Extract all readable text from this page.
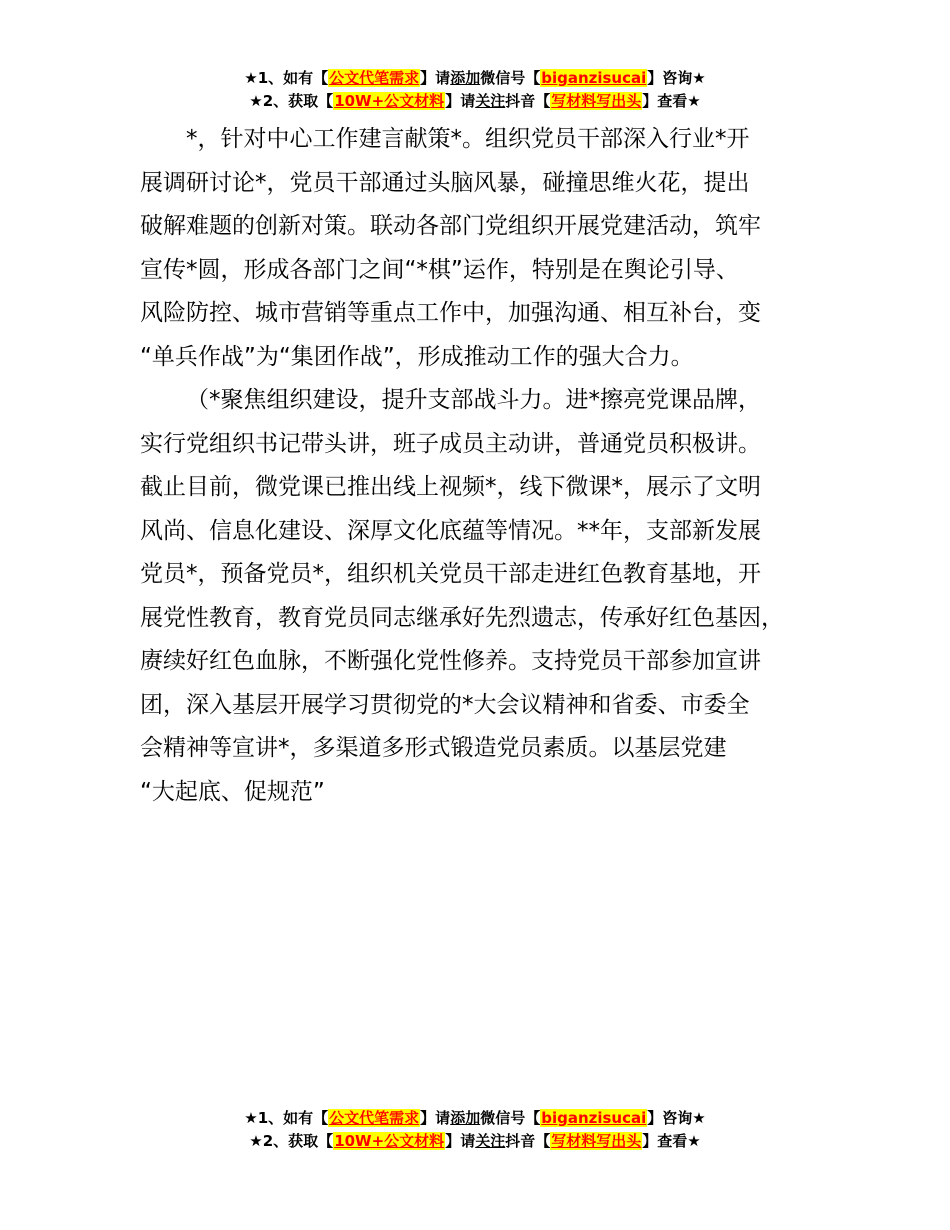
★1、如有【公文代笔需求】请添加微信号【biganzisucai】咨询★
★2、获取【10W+公文材料】请关注抖音【写材料写出头】查看★

*，针对中心工作建言献策*。组织党员干部深入行业*开
展调研讨论*，党员干部通过头脑风暴，碰撞思维火花，提出
破解难题的创新对策。联动各部门党组织开展党建活动，筑牢
宣传*圆，形成各部门之间“*棋”运作，特别是在舆论引导、
风险防控、城市营销等重点工作中，加强沟通、相互补台，变
“单兵作战”为“集团作战”，形成推动工作的强大合力。

（*聚焦组织建设，提升支部战斗力。进*擦亮党课品牌，
实行党组织书记带头讲，班子成员主动讲，普通党员积极讲。
截止目前，微党课已推出线上视频*，线下微课*，展示了文明
风尚、信息化建设、深厚文化底蕴等情况。**年，支部新发展
党员*，预备党员*，组织机关党员干部走进红色教育基地，开
展党性教育，教育党员同志继承好先烈遗志，传承好红色基因，
赓续好红色血脉，不断强化党性修养。支持党员干部参加宣讲
团，深入基层开展学习贯彻党的*大会议精神和省委、市委全
会精神等宣讲*，多渠道多形式锻造党员素质。以基层党建
“大起底、促规范”

★1、如有【公文代笔需求】请添加微信号【biganzisucai】咨询★
★2、获取【10W+公文材料】请关注抖音【写材料写出头】查看★
